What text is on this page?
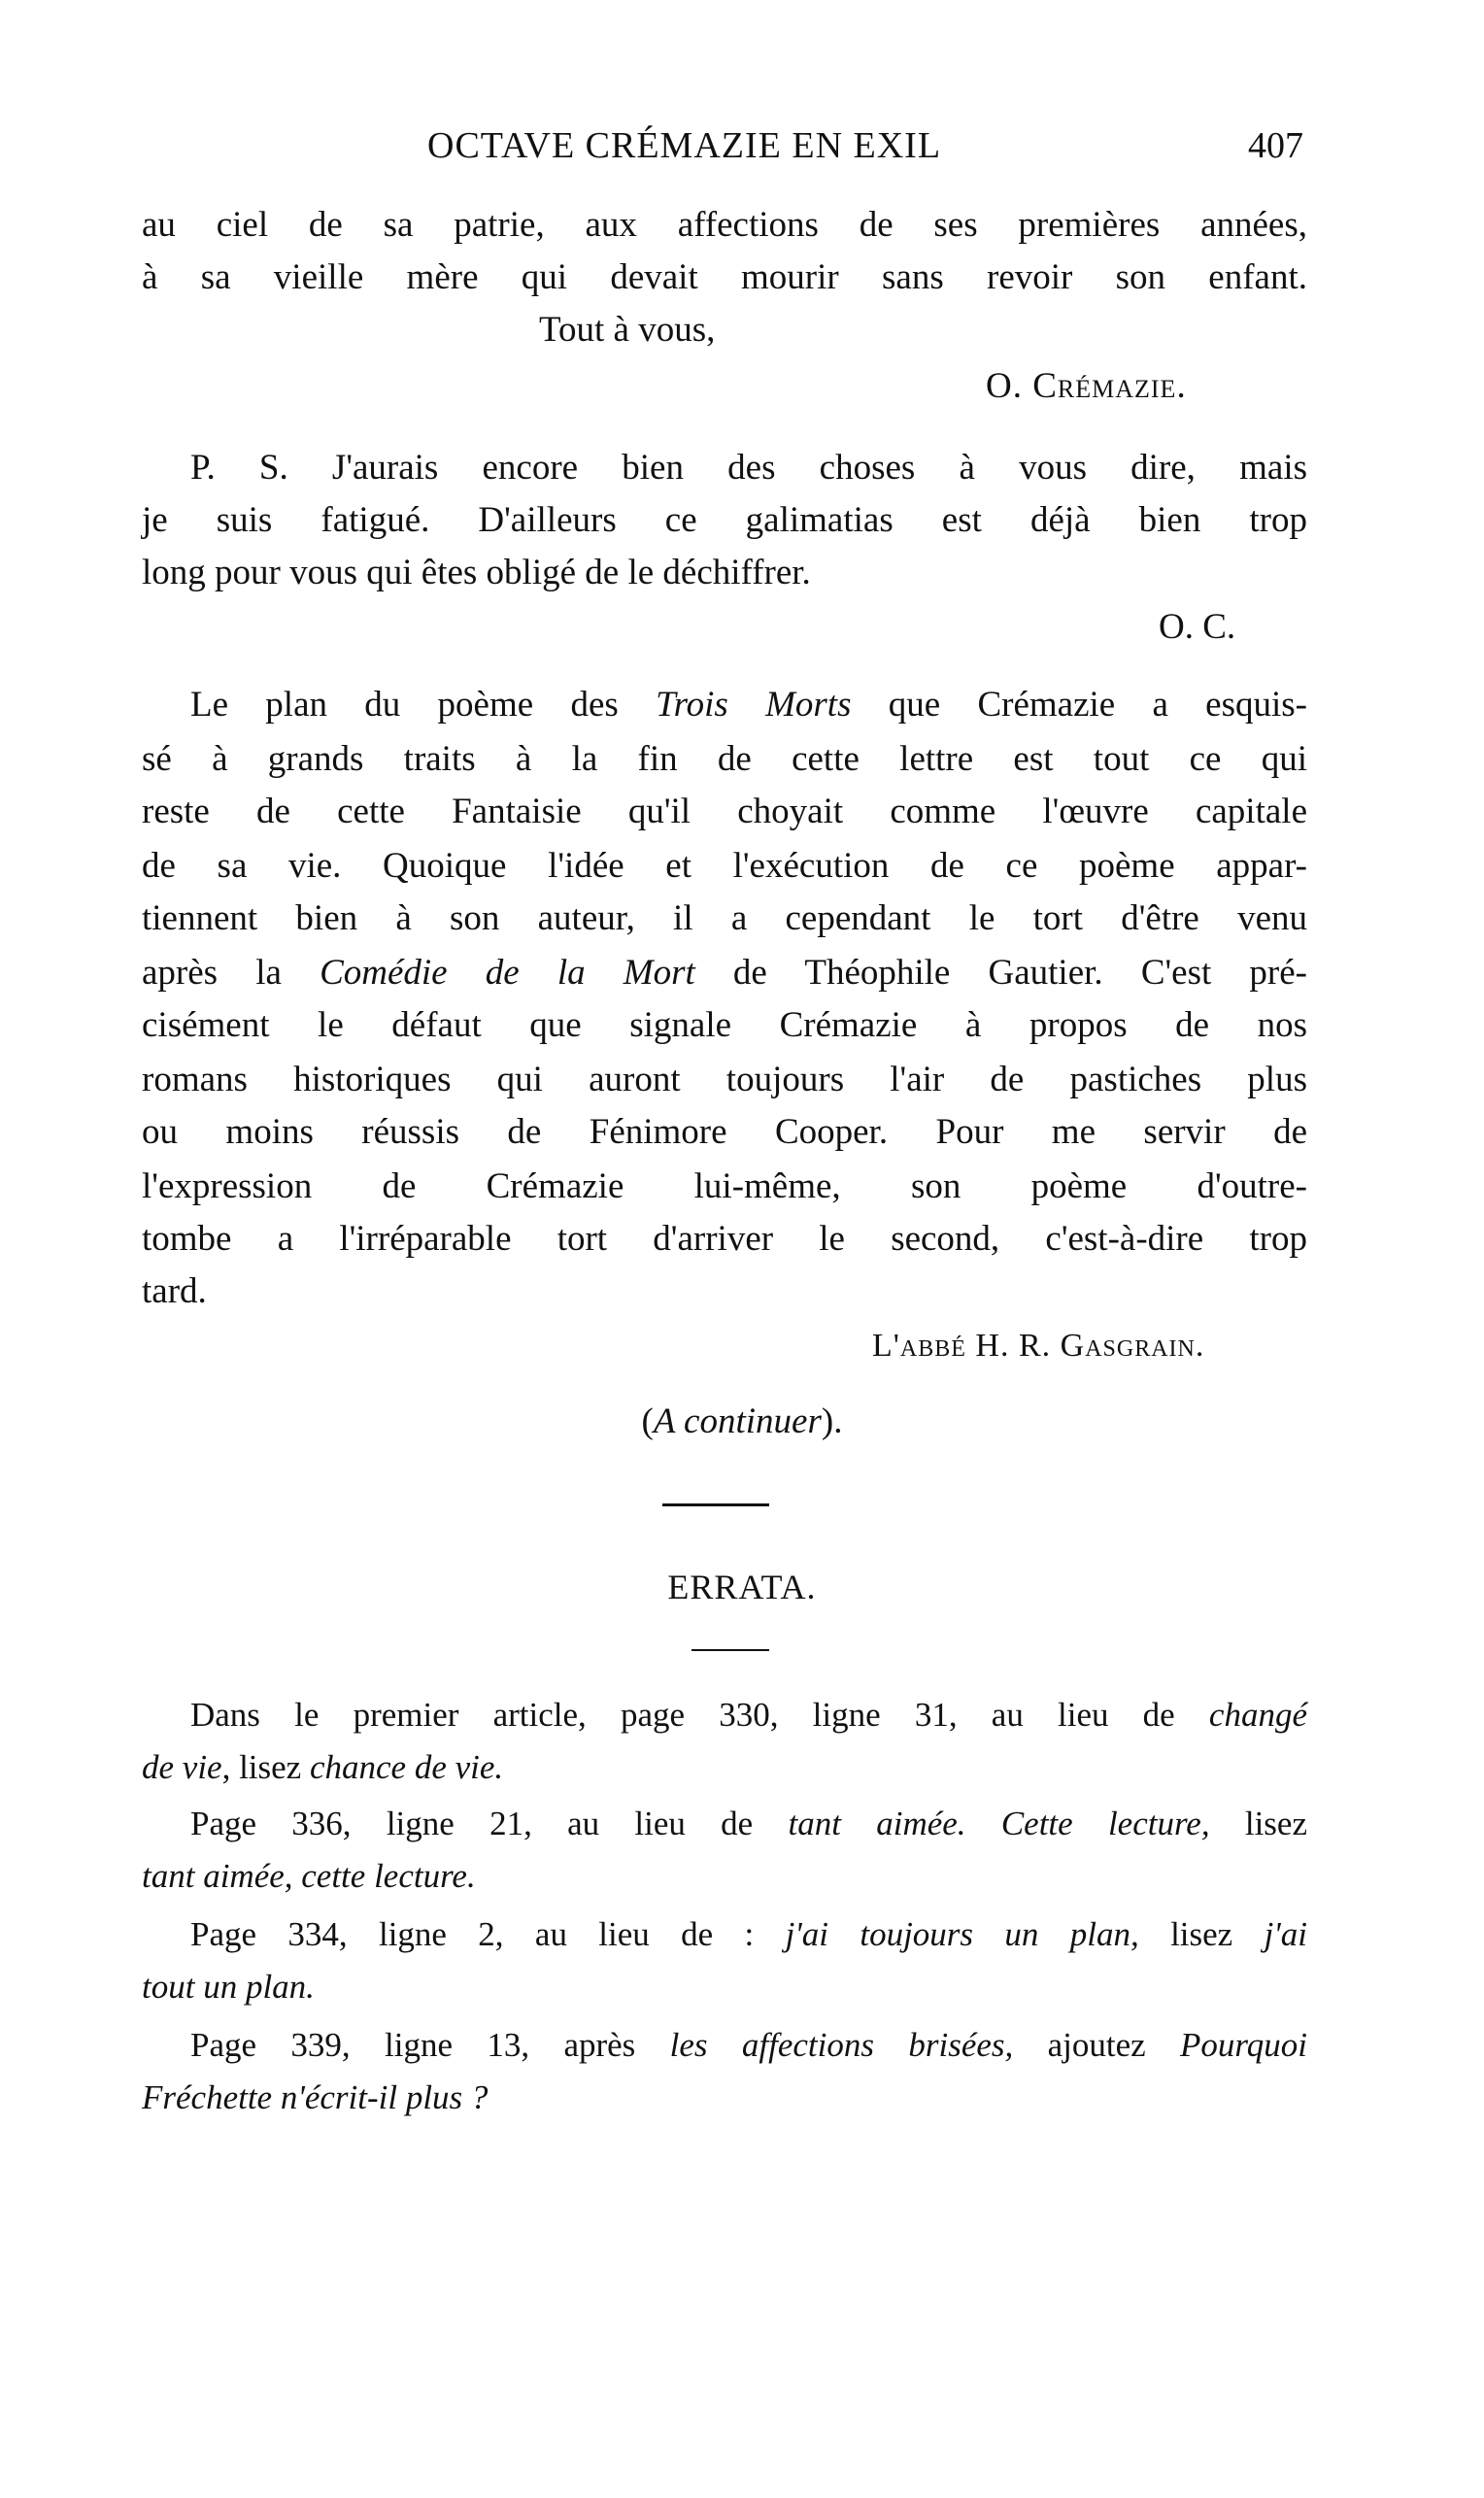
OCTAVE CRÉMAZIE EN EXIL	407
au ciel de sa patrie, aux affections de ses premières années,
à sa vieille mère qui devait mourir sans revoir son enfant.
Tout à vous,
O. Crémazie.
P. S. J'aurais encore bien des choses à vous dire, mais
je suis fatigué. D'ailleurs ce galimatias est déjà bien trop
long pour vous qui êtes obligé de le déchiffrer.
O. C.
Le plan du poème des Trois Morts que Crémazie a esquis-
sé à grands traits à la fin de cette lettre est tout ce qui
reste de cette Fantaisie qu'il choyait comme l'œuvre capitale
de sa vie. Quoique l'idée et l'exécution de ce poème appar-
tiennent bien à son auteur, il a cependant le tort d'être venu
après la Comédie de la Mort de Théophile Gautier. C'est pré-
cisément le défaut que signale Crémazie à propos de nos
romans historiques qui auront toujours l'air de pastiches plus
ou moins réussis de Fénimore Cooper. Pour me servir de
l'expression de Crémazie lui-même, son poème d'outre-
tombe a l'irréparable tort d'arriver le second, c'est-à-dire trop
tard.
L'abbé H. R. Gasgrain.
(A continuer).
ERRATA.
Dans le premier article, page 330, ligne 31, au lieu de changé
de vie, lisez chance de vie.
Page 336, ligne 21, au lieu de tant aimée. Cette lecture, lisez
tant aimée, cette lecture.
Page 334, ligne 2, au lieu de : j'ai toujours un plan, lisez j'ai
tout un plan.
Page 339, ligne 13, après les affections brisées, ajoutez Pourquoi
Fréchette n'écrit-il plus ?
